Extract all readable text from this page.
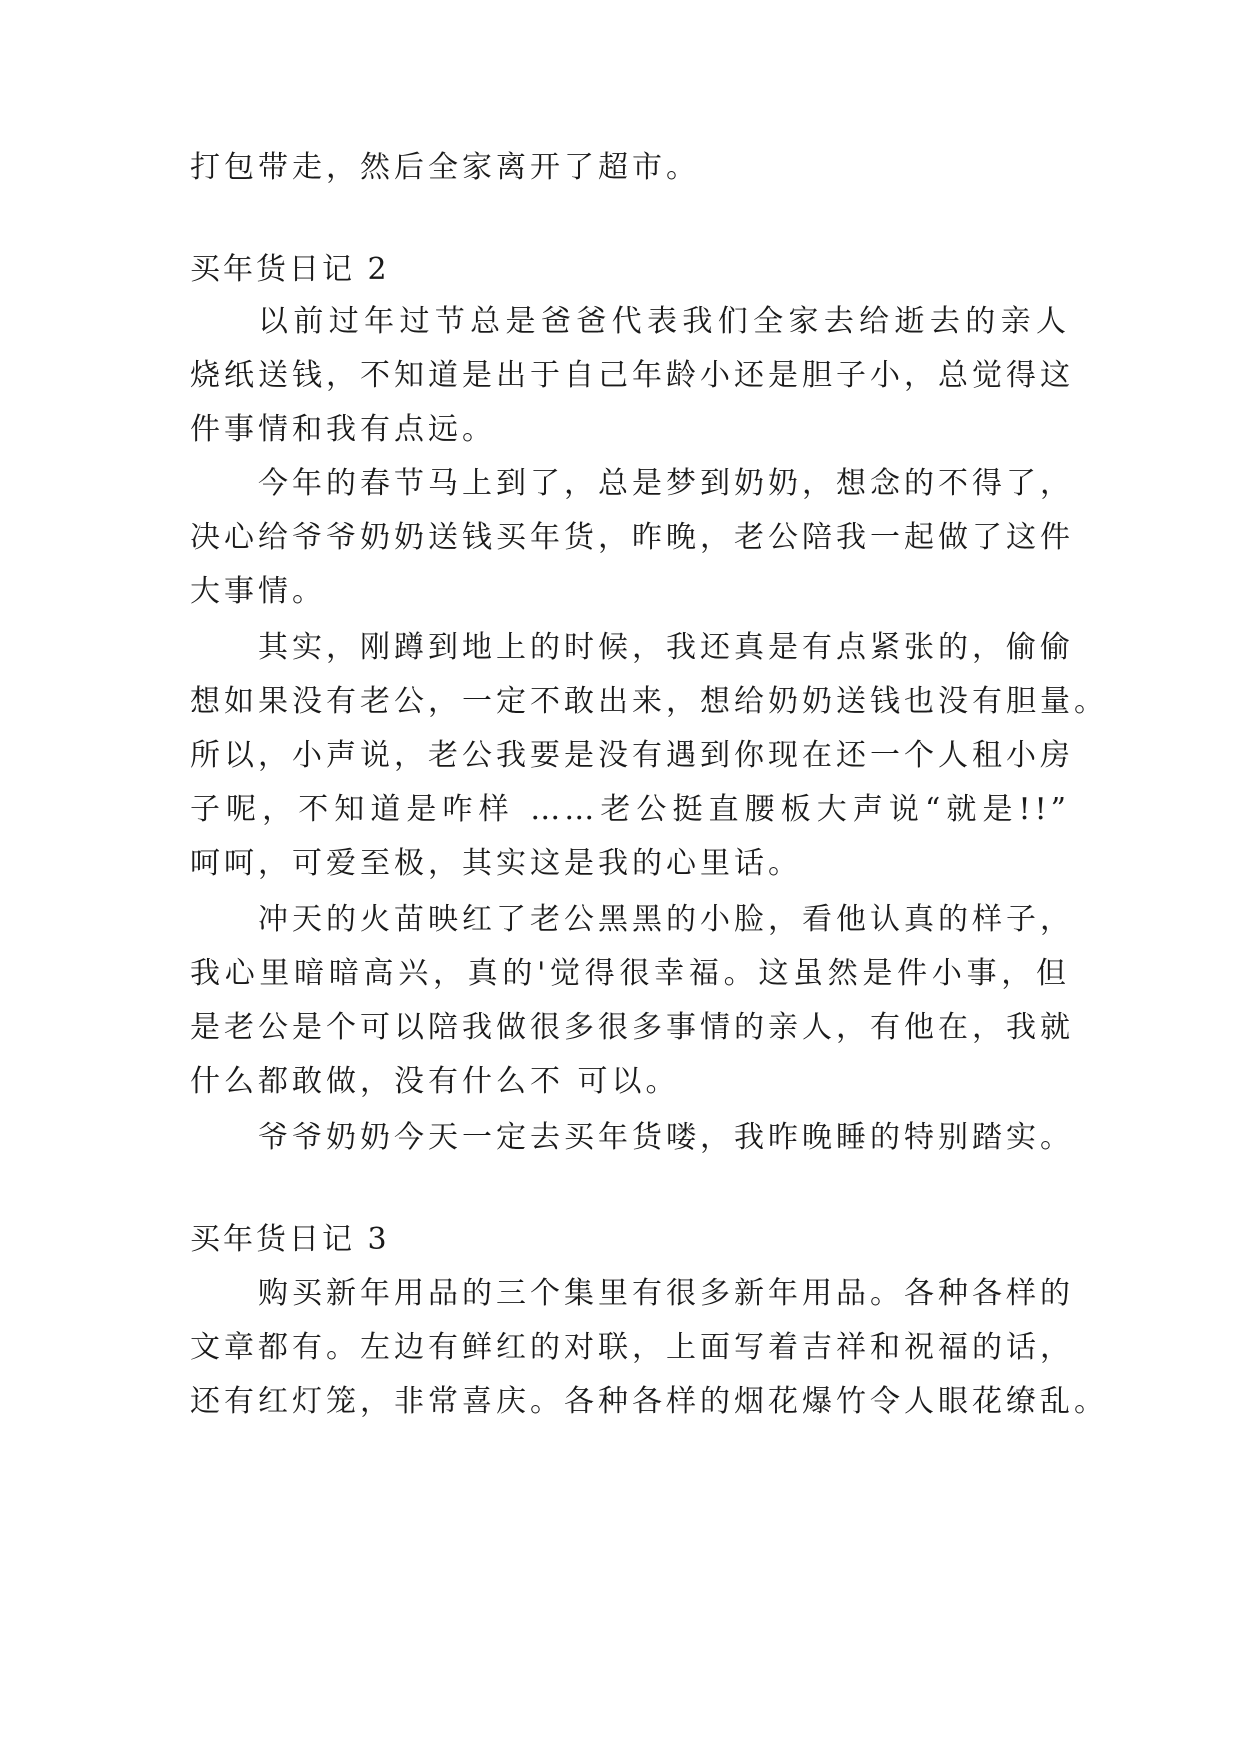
打包带走，然后全家离开了超市。
买年货日记 2
以前过年过节总是爸爸代表我们全家去给逝去的亲人
烧纸送钱，不知道是出于自己年龄小还是胆子小，总觉得这
件事情和我有点远。
今年的春节马上到了，总是梦到奶奶，想念的不得了，
决心给爷爷奶奶送钱买年货，昨晚，老公陪我一起做了这件
大事情。
其实，刚蹲到地上的时候，我还真是有点紧张的，偷偷
想如果没有老公，一定不敢出来，想给奶奶送钱也没有胆量。
所以，小声说，老公我要是没有遇到你现在还一个人租小房
子呢，不知道是咋样 ……老公挺直腰板大声说“就是!!”
呵呵，可爱至极，其实这是我的心里话。
冲天的火苗映红了老公黑黑的小脸，看他认真的样子，
我心里暗暗高兴，真的'觉得很幸福。这虽然是件小事，但
是老公是个可以陪我做很多很多事情的亲人，有他在，我就
什么都敢做，没有什么不 可以。
爷爷奶奶今天一定去买年货喽，我昨晚睡的特别踏实。
买年货日记 3
购买新年用品的三个集里有很多新年用品。各种各样的
文章都有。左边有鲜红的对联，上面写着吉祥和祝福的话，
还有红灯笼，非常喜庆。各种各样的烟花爆竹令人眼花缭乱。
